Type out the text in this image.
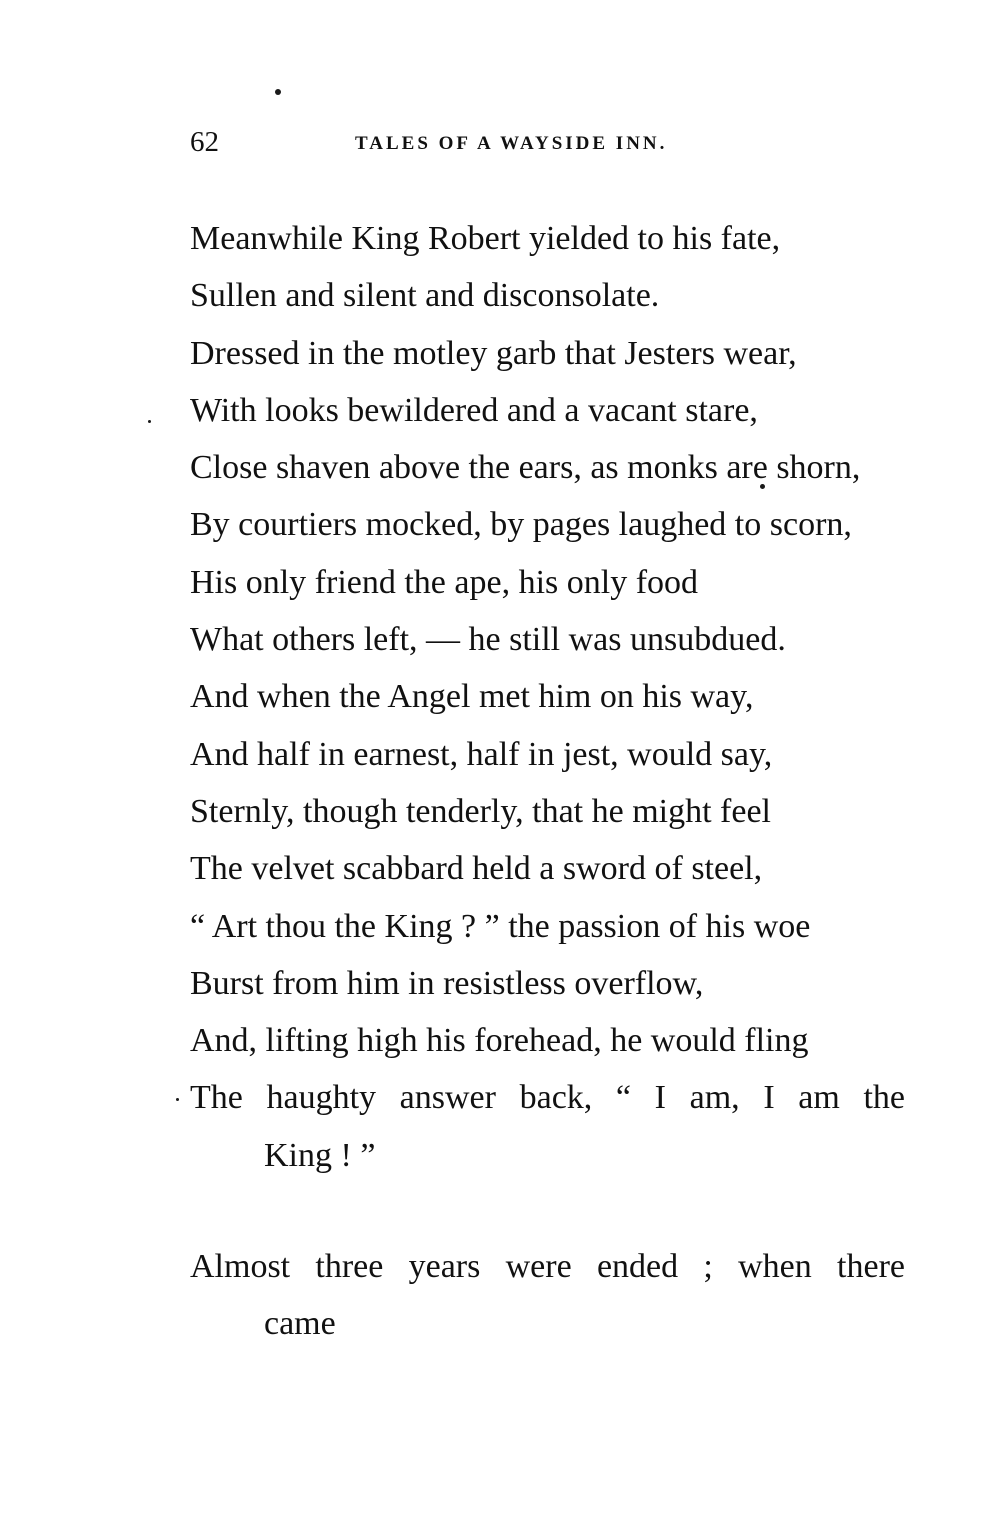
62	TALES OF A WAYSIDE INN.
Meanwhile King Robert yielded to his fate,
Sullen and silent and disconsolate.
Dressed in the motley garb that Jesters wear,
With looks bewildered and a vacant stare,
Close shaven above the ears, as monks are shorn,
By courtiers mocked, by pages laughed to scorn,
His only friend the ape, his only food
What others left, — he still was unsubdued.
And when the Angel met him on his way,
And half in earnest, half in jest, would say,
Sternly, though tenderly, that he might feel
The velvet scabbard held a sword of steel,
“ Art thou the King ? ” the passion of his woe
Burst from him in resistless overflow,
And, lifting high his forehead, he would fling
The haughty answer back, “ I am, I am the
King ! ”
Almost three years were ended ; when there
came
